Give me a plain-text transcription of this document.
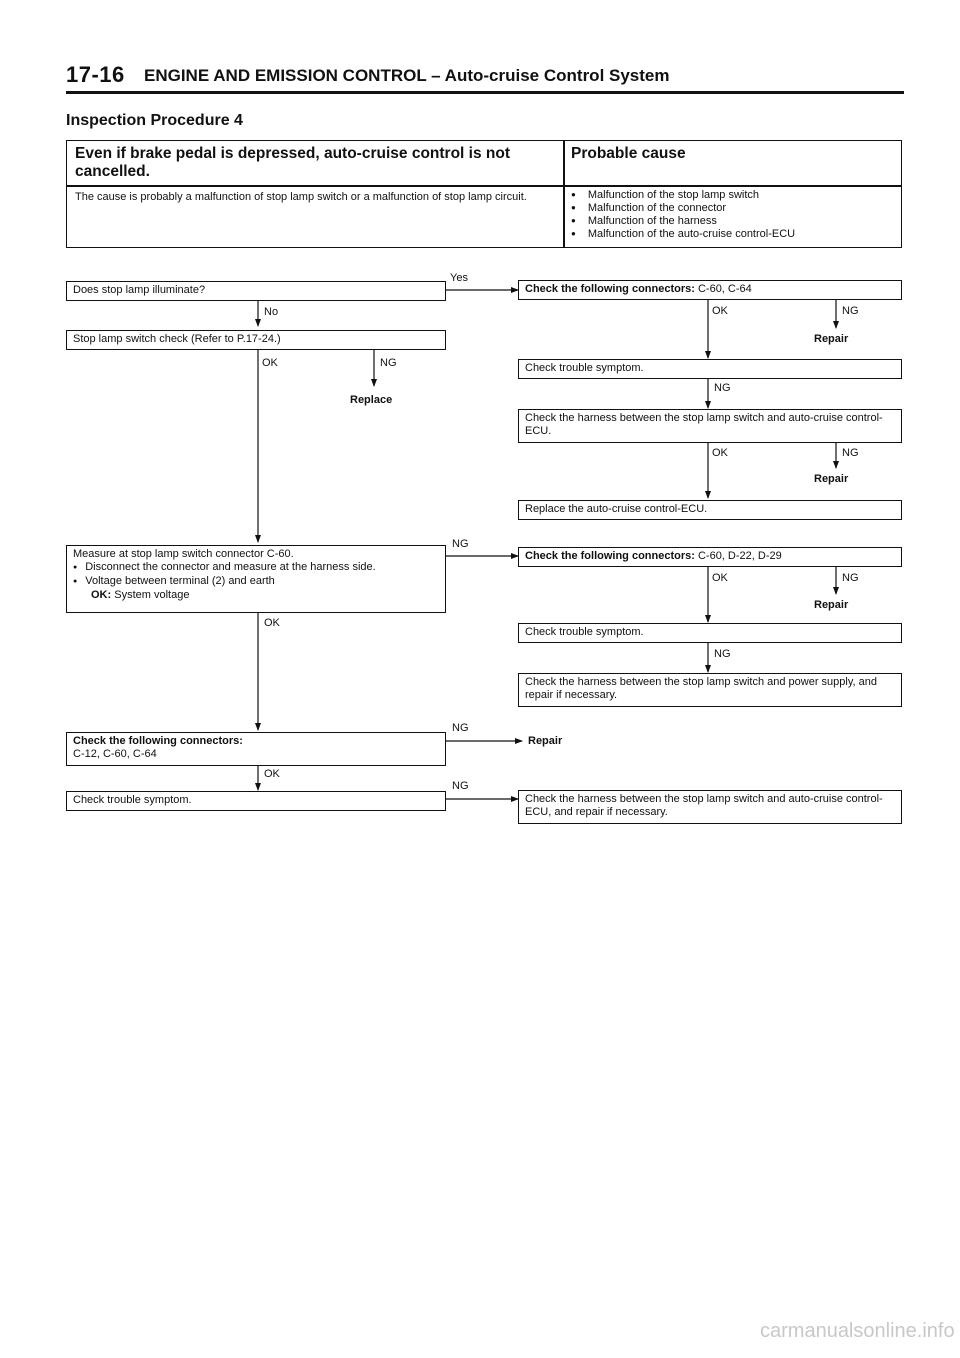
17-16 ENGINE AND EMISSION CONTROL – Auto-cruise Control System
Inspection Procedure 4
Even if brake pedal is depressed, auto-cruise control is not cancelled.
Probable cause
The cause is probably a malfunction of stop lamp switch or a malfunction of stop lamp circuit.
●	Malfunction of the stop lamp switch
● Malfunction of the connector
● Malfunction of the harness
● Malfunction of the auto-cruise control-ECU
Does stop lamp illuminate?
Yes
No
Stop lamp switch check (Refer to P.17-24.)
OK	NG
Replace
Check the following connectors: C-60, C-64
OK	NG
Repair
Check trouble symptom.
NG
Check the harness between the stop lamp switch and auto-cruise control-ECU.
OK	NG
Repair
Replace the auto-cruise control-ECU.
Measure at stop lamp switch connector C-60.
● Disconnect the connector and measure at the harness side.
● Voltage between terminal (2) and earth
OK: System voltage
NG
OK
Check the following connectors: C-60, D-22, D-29
OK	NG
Repair
Check trouble symptom.
NG
Check the harness between the stop lamp switch and power supply, and repair if necessary.
Check the following connectors:
C-12, C-60, C-64
NG
Repair
OK
Check trouble symptom.
NG
Check the harness between the stop lamp switch and auto-cruise control-ECU, and repair if necessary.
carmanualsonline.info
